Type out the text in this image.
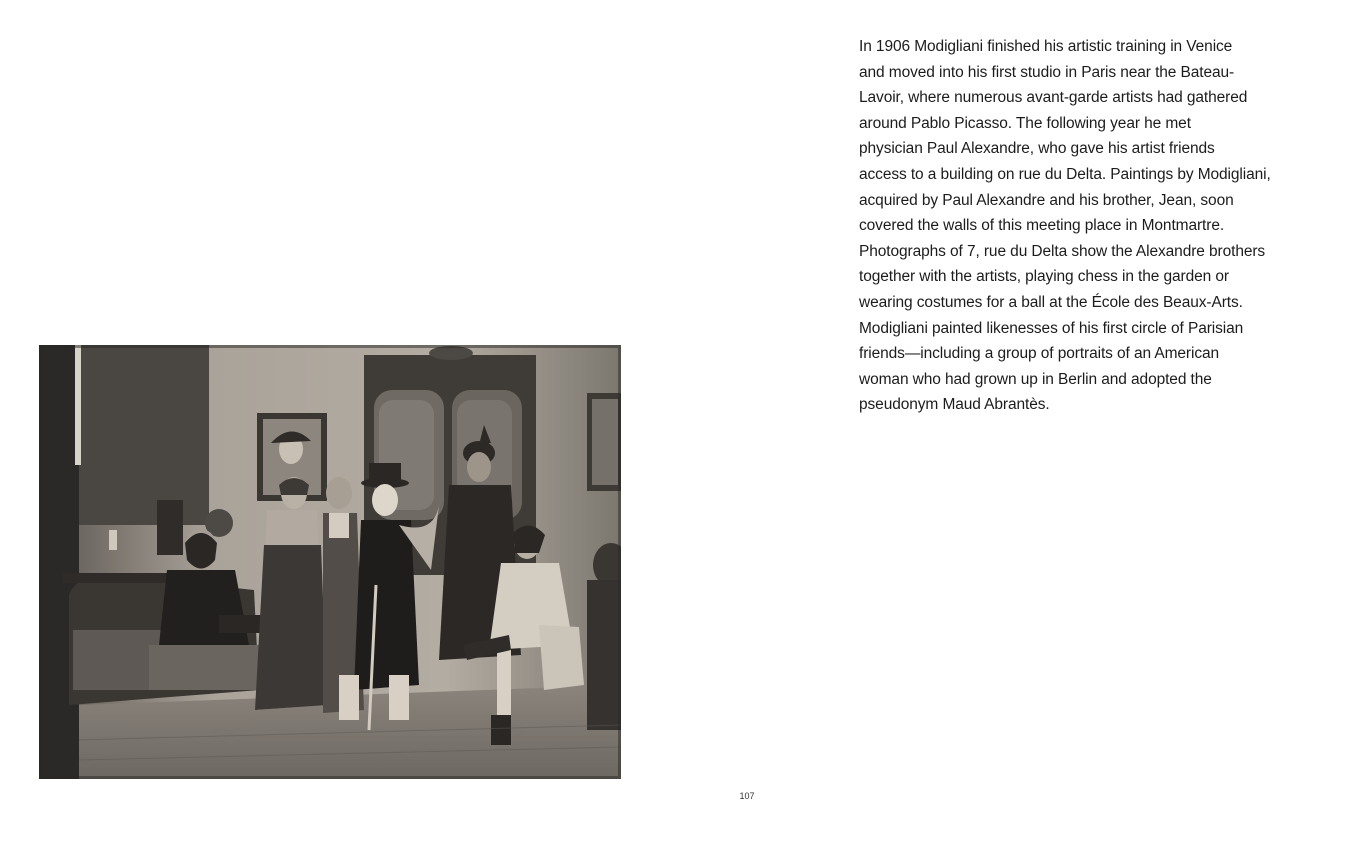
In 1906 Modigliani finished his artistic training in Venice
and moved into his first studio in Paris near the Bateau-
Lavoir, where numerous avant-garde artists had gathered
around Pablo Picasso. The following year he met
physician Paul Alexandre, who gave his artist friends
access to a building on rue du Delta. Paintings by Modigliani,
acquired by Paul Alexandre and his brother, Jean, soon
covered the walls of this meeting place in Montmartre.
Photographs of 7, rue du Delta show the Alexandre brothers
together with the artists, playing chess in the garden or
wearing costumes for a ball at the École des Beaux-Arts.
Modigliani painted likenesses of his first circle of Parisian
friends—including a group of portraits of an American
woman who had grown up in Berlin and adopted the
pseudonym Maud Abrantès.

107
